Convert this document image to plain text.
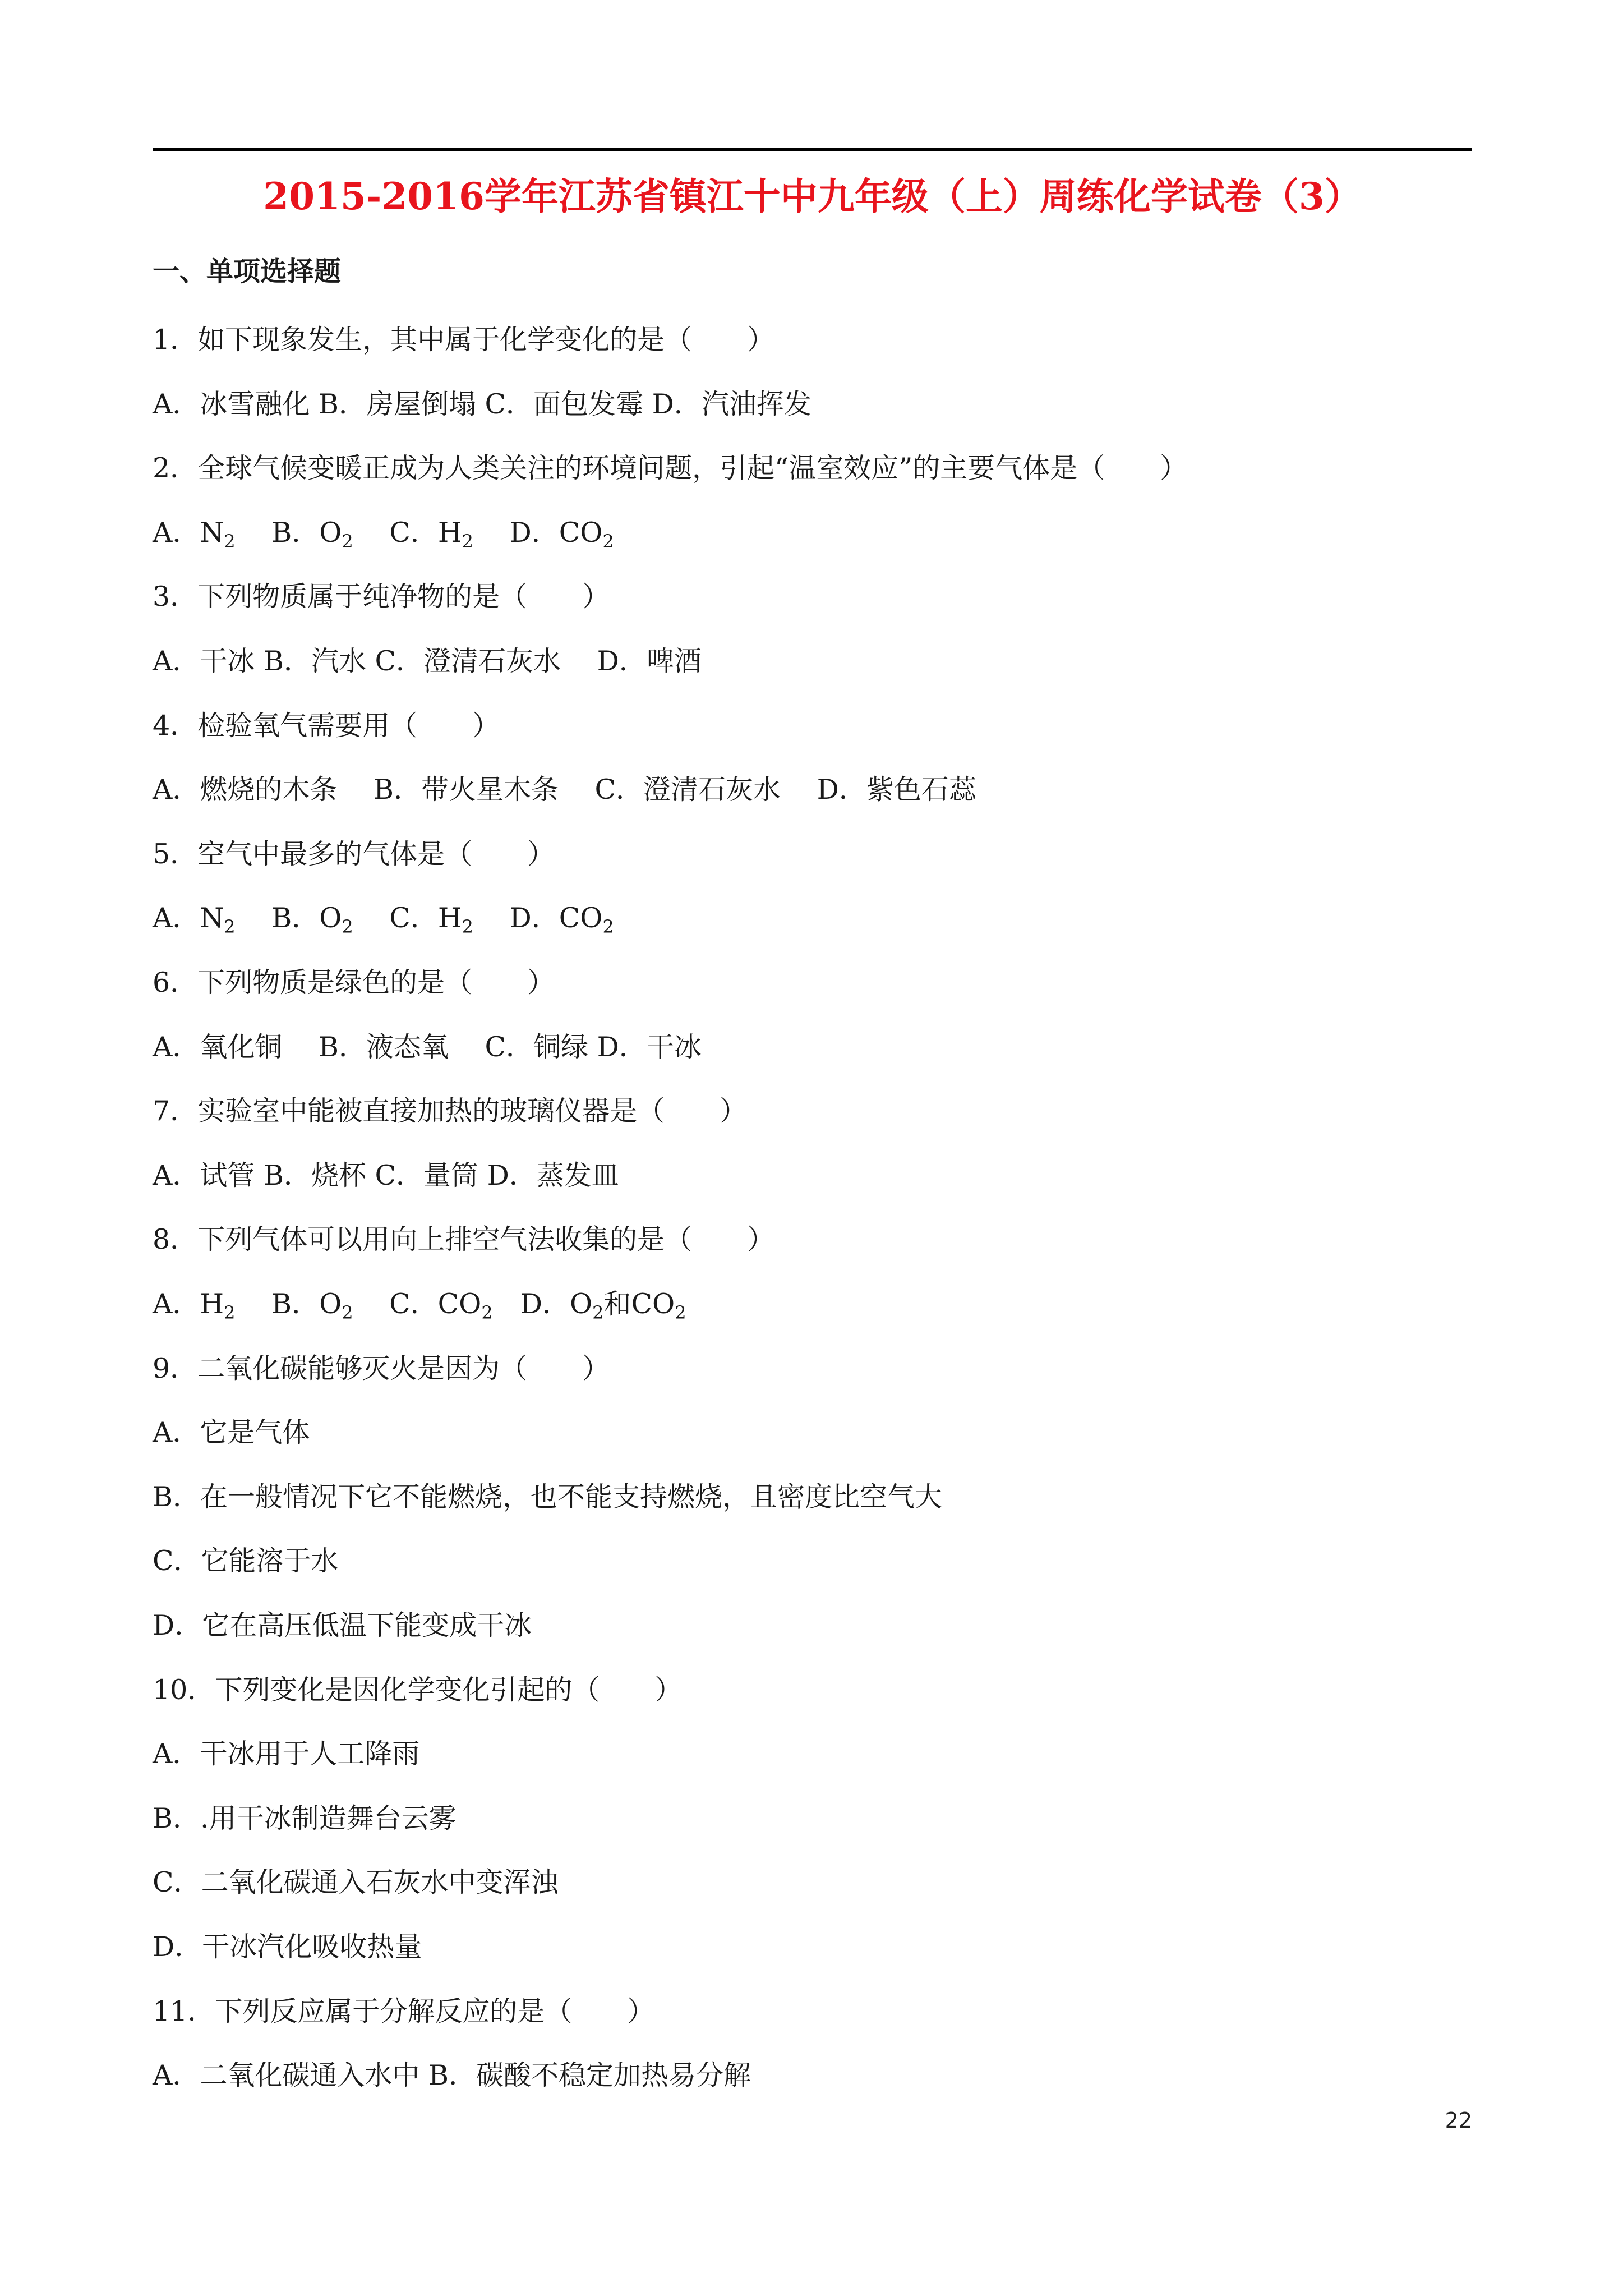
2015-2016学年江苏省镇江十中九年级（上）周练化学试卷（3）
一、单项选择题
1．如下现象发生，其中属于化学变化的是（　　）
A．冰雪融化 B．房屋倒塌 C．面包发霉 D．汽油挥发
2．全球气候变暖正成为人类关注的环境问题，引起“温室效应”的主要气体是（　　）
A．$N_2$　 B．$O_2$　 C．$H_2$　 D．$CO_2$
3．下列物质属于纯净物的是（　　）
A．干冰 B．汽水 C．澄清石灰水　 D．啤酒
4．检验氧气需要用（　　）
A．燃烧的木条　 B．带火星木条　 C．澄清石灰水　 D．紫色石蕊
5．空气中最多的气体是（　　）
A．$N_2$　 B．$O_2$　 C．$H_2$　 D．$CO_2$
6．下列物质是绿色的是（　　）
A．氧化铜　 B．液态氧　 C．铜绿 D．干冰
7．实验室中能被直接加热的玻璃仪器是（　　）
A．试管 B．烧杯 C．量筒 D．蒸发皿
8．下列气体可以用向上排空气法收集的是（　　）
A．$H_2$　 B．$O_2$　 C．$CO_2$　D．$O_2$和$CO_2$
9．二氧化碳能够灭火是因为（　　）
A．它是气体
B．在一般情况下它不能燃烧，也不能支持燃烧，且密度比空气大
C．它能溶于水
D．它在高压低温下能变成干冰
10．下列变化是因化学变化引起的（　　）
A．干冰用于人工降雨
B．.用干冰制造舞台云雾
C．二氧化碳通入石灰水中变浑浊
D．干冰汽化吸收热量
11．下列反应属于分解反应的是（　　）
A．二氧化碳通入水中 B．碳酸不稳定加热易分解
22
